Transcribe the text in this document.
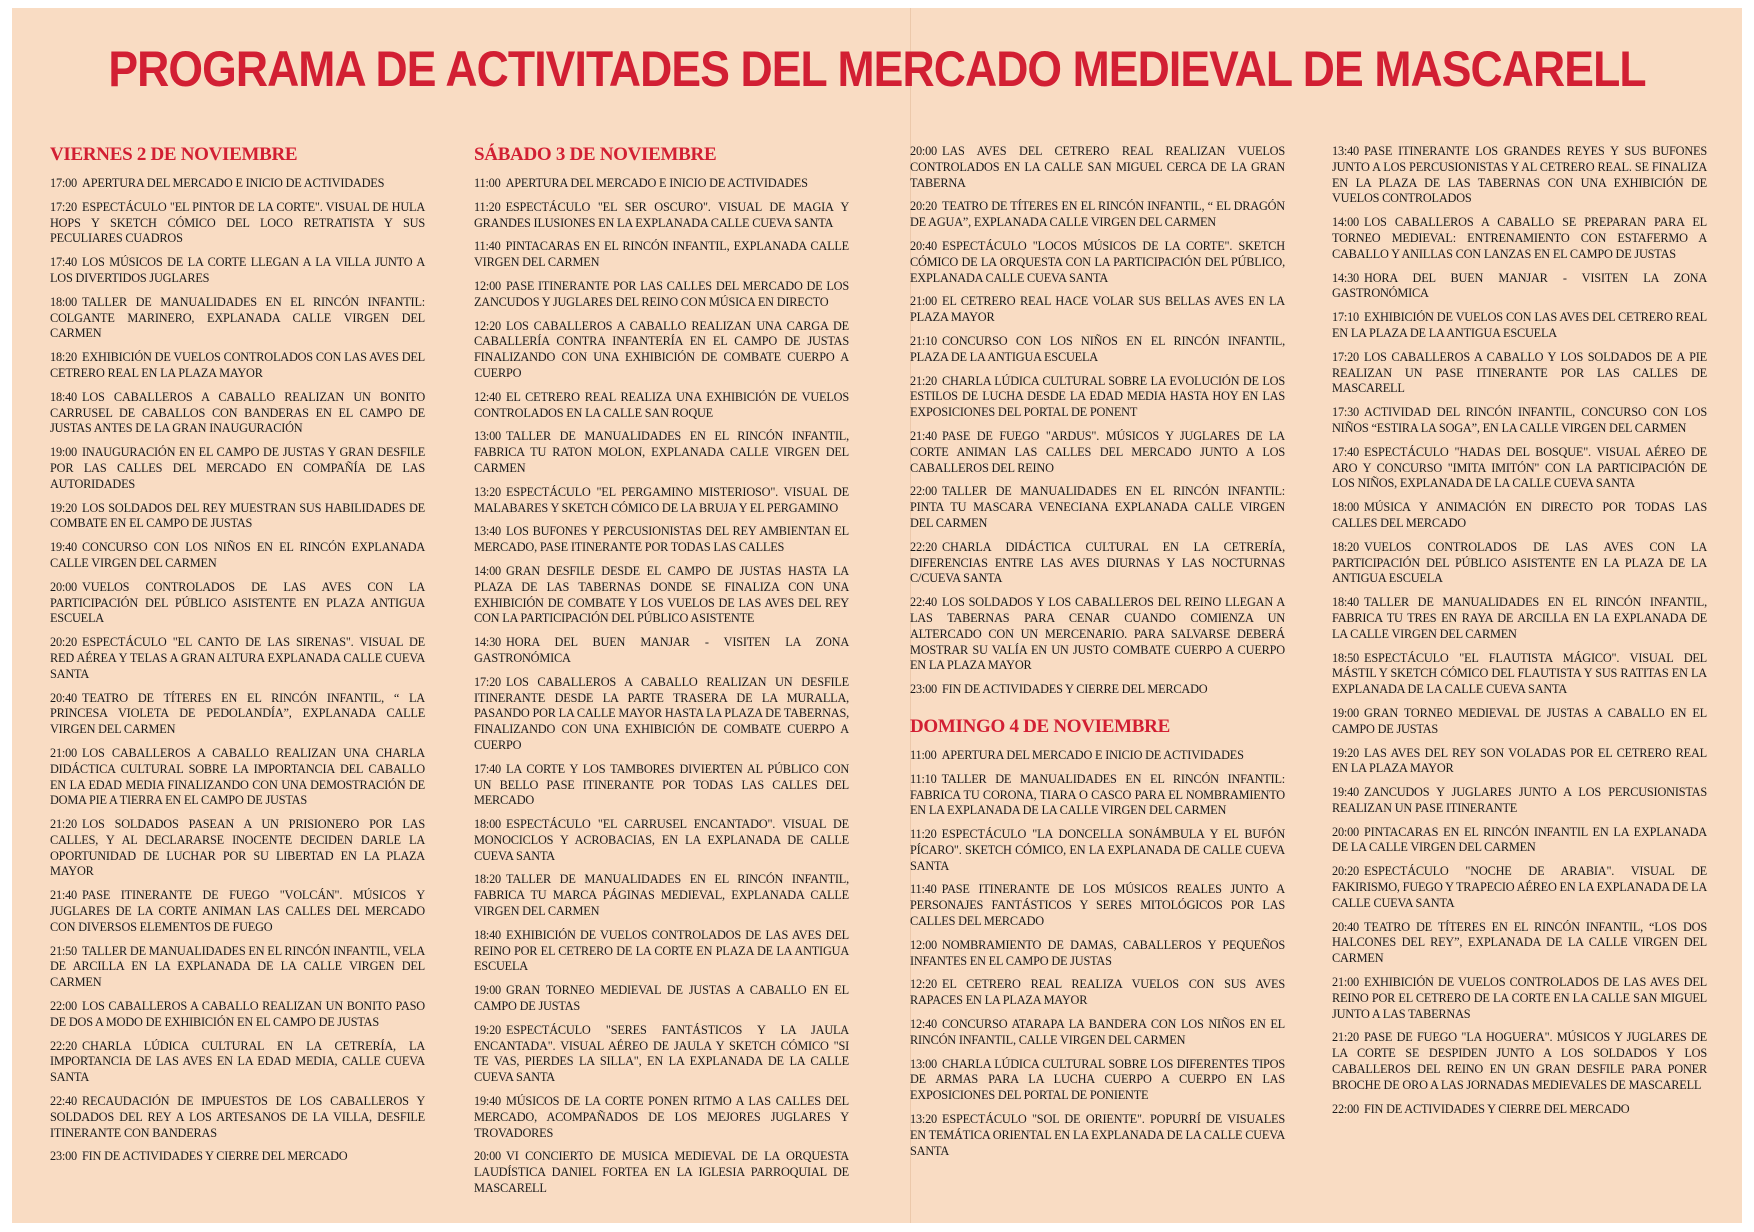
PROGRAMA DE ACTIVITADES DEL MERCADO MEDIEVAL DE MASCARELL
VIERNES 2 DE NOVIEMBRE
17:00 APERTURA DEL MERCADO E INICIO DE ACTIVIDADES
17:20 ESPECTÁCULO "EL PINTOR DE LA CORTE". VISUAL DE HULA HOPS Y SKETCH CÓMICO DEL LOCO RETRATISTA Y SUS PECULIARES CUADROS
17:40 LOS MÚSICOS DE LA CORTE LLEGAN A LA VILLA JUNTO A LOS DIVERTIDOS JUGLARES
18:00 TALLER DE MANUALIDADES EN EL RINCÓN INFANTIL: COLGANTE MARINERO, EXPLANADA CALLE VIRGEN DEL CARMEN
18:20 EXHIBICIÓN DE VUELOS CONTROLADOS CON LAS AVES DEL CETRERO REAL EN LA PLAZA MAYOR
18:40 LOS CABALLEROS A CABALLO REALIZAN UN BONITO CARRUSEL DE CABALLOS CON BANDERAS EN EL CAMPO DE JUSTAS ANTES DE LA GRAN INAUGURACIÓN
19:00 INAUGURACIÓN EN EL CAMPO DE JUSTAS Y GRAN DESFILE POR LAS CALLES DEL MERCADO EN COMPAÑÍA DE LAS AUTORIDADES
19:20 LOS SOLDADOS DEL REY MUESTRAN SUS HABILIDADES DE COMBATE EN EL CAMPO DE JUSTAS
19:40 CONCURSO CON LOS NIÑOS EN EL RINCÓN EXPLANADA CALLE VIRGEN DEL CARMEN
20:00 VUELOS CONTROLADOS DE LAS AVES CON LA PARTICIPACIÓN DEL PÚBLICO ASISTENTE EN PLAZA ANTIGUA ESCUELA
20:20 ESPECTÁCULO "EL CANTO DE LAS SIRENAS". VISUAL DE RED AÉREA Y TELAS A GRAN ALTURA EXPLANADA CALLE CUEVA SANTA
20:40 TEATRO DE TÍTERES EN EL RINCÓN INFANTIL, “ LA PRINCESA VIOLETA DE PEDOLANDÍA”, EXPLANADA CALLE VIRGEN DEL CARMEN
21:00 LOS CABALLEROS A CABALLO REALIZAN UNA CHARLA DIDÁCTICA CULTURAL SOBRE LA IMPORTANCIA DEL CABALLO EN LA EDAD MEDIA FINALIZANDO CON UNA DEMOSTRACIÓN DE DOMA PIE A TIERRA EN EL CAMPO DE JUSTAS
21:20 LOS SOLDADOS PASEAN A UN PRISIONERO POR LAS CALLES, Y AL DECLARARSE INOCENTE DECIDEN DARLE LA OPORTUNIDAD DE LUCHAR POR SU LIBERTAD EN LA PLAZA MAYOR
21:40 PASE ITINERANTE DE FUEGO "VOLCÁN". MÚSICOS Y JUGLARES DE LA CORTE ANIMAN LAS CALLES DEL MERCADO CON DIVERSOS ELEMENTOS DE FUEGO
21:50 TALLER DE MANUALIDADES EN EL RINCÓN INFANTIL, VELA DE ARCILLA EN LA EXPLANADA DE LA CALLE VIRGEN DEL CARMEN
22:00 LOS CABALLEROS A CABALLO REALIZAN UN BONITO PASO DE DOS A MODO DE EXHIBICIÓN EN EL CAMPO DE JUSTAS
22:20 CHARLA LÚDICA CULTURAL EN LA CETRERÍA, LA IMPORTANCIA DE LAS AVES EN LA EDAD MEDIA, CALLE CUEVA SANTA
22:40 RECAUDACIÓN DE IMPUESTOS DE LOS CABALLEROS Y SOLDADOS DEL REY A LOS ARTESANOS DE LA VILLA, DESFILE ITINERANTE CON BANDERAS
23:00 FIN DE ACTIVIDADES Y CIERRE DEL MERCADO
SÁBADO 3 DE NOVIEMBRE
11:00 APERTURA DEL MERCADO E INICIO DE ACTIVIDADES
11:20 ESPECTÁCULO "EL SER OSCURO". VISUAL DE MAGIA Y GRANDES ILUSIONES EN LA EXPLANADA CALLE CUEVA SANTA
11:40 PINTACARAS EN EL RINCÓN INFANTIL, EXPLANADA CALLE VIRGEN DEL CARMEN
12:00 PASE ITINERANTE POR LAS CALLES DEL MERCADO DE LOS ZANCUDOS Y JUGLARES DEL REINO CON MÚSICA EN DIRECTO
12:20 LOS CABALLEROS A CABALLO REALIZAN UNA CARGA DE CABALLERÍA CONTRA INFANTERÍA EN EL CAMPO DE JUSTAS FINALIZANDO CON UNA EXHIBICIÓN DE COMBATE CUERPO A CUERPO
12:40 EL CETRERO REAL REALIZA UNA EXHIBICIÓN DE VUELOS CONTROLADOS EN LA CALLE SAN ROQUE
13:00 TALLER DE MANUALIDADES EN EL RINCÓN INFANTIL, FABRICA TU RATON MOLON, EXPLANADA CALLE VIRGEN DEL CARMEN
13:20 ESPECTÁCULO "EL PERGAMINO MISTERIOSO". VISUAL DE MALABARES Y SKETCH CÓMICO DE LA BRUJA Y EL PERGAMINO
13:40 LOS BUFONES Y PERCUSIONISTAS DEL REY AMBIENTAN EL MERCADO, PASE ITINERANTE POR TODAS LAS CALLES
14:00 GRAN DESFILE DESDE EL CAMPO DE JUSTAS HASTA LA PLAZA DE LAS TABERNAS DONDE SE FINALIZA CON UNA EXHIBICIÓN DE COMBATE Y LOS VUELOS DE LAS AVES DEL REY CON LA PARTICIPACIÓN DEL PÚBLICO ASISTENTE
14:30 HORA DEL BUEN MANJAR - VISITEN LA ZONA GASTRONÓMICA
17:20 LOS CABALLEROS A CABALLO REALIZAN UN DESFILE ITINERANTE DESDE LA PARTE TRASERA DE LA MURALLA, PASANDO POR LA CALLE MAYOR HASTA LA PLAZA DE TABERNAS, FINALIZANDO CON UNA EXHIBICIÓN DE COMBATE CUERPO A CUERPO
17:40 LA CORTE Y LOS TAMBORES DIVIERTEN AL PÚBLICO CON UN BELLO PASE ITINERANTE POR TODAS LAS CALLES DEL MERCADO
18:00 ESPECTÁCULO "EL CARRUSEL ENCANTADO". VISUAL DE MONOCICLOS Y ACROBACIAS, EN LA EXPLANADA DE CALLE CUEVA SANTA
18:20 TALLER DE MANUALIDADES EN EL RINCÓN INFANTIL, FABRICA TU MARCA PÁGINAS MEDIEVAL, EXPLANADA CALLE VIRGEN DEL CARMEN
18:40 EXHIBICIÓN DE VUELOS CONTROLADOS DE LAS AVES DEL REINO POR EL CETRERO DE LA CORTE EN PLAZA DE LA ANTIGUA ESCUELA
19:00 GRAN TORNEO MEDIEVAL DE JUSTAS A CABALLO EN EL CAMPO DE JUSTAS
19:20 ESPECTÁCULO "SERES FANTÁSTICOS Y LA JAULA ENCANTADA". VISUAL AÉREO DE JAULA Y SKETCH CÓMICO "SI TE VAS, PIERDES LA SILLA", EN LA EXPLANADA DE LA CALLE CUEVA SANTA
19:40 MÚSICOS DE LA CORTE PONEN RITMO A LAS CALLES DEL MERCADO, ACOMPAÑADOS DE LOS MEJORES JUGLARES Y TROVADORES
20:00 VI CONCIERTO DE MUSICA MEDIEVAL DE LA ORQUESTA LAUDÍSTICA DANIEL FORTEA EN LA IGLESIA PARROQUIAL DE MASCARELL
20:00 LAS AVES DEL CETRERO REAL REALIZAN VUELOS CONTROLADOS EN LA CALLE SAN MIGUEL CERCA DE LA GRAN TABERNA
20:20 TEATRO DE TÍTERES EN EL RINCÓN INFANTIL, “ EL DRAGÓN DE AGUA”, EXPLANADA CALLE VIRGEN DEL CARMEN
20:40 ESPECTÁCULO "LOCOS MÚSICOS DE LA CORTE". SKETCH CÓMICO DE LA ORQUESTA CON LA PARTICIPACIÓN DEL PÚBLICO, EXPLANADA CALLE CUEVA SANTA
21:00 EL CETRERO REAL HACE VOLAR SUS BELLAS AVES EN LA PLAZA MAYOR
21:10 CONCURSO CON LOS NIÑOS EN EL RINCÓN INFANTIL, PLAZA DE LA ANTIGUA ESCUELA
21:20 CHARLA LÚDICA CULTURAL SOBRE LA EVOLUCIÓN DE LOS ESTILOS DE LUCHA DESDE LA EDAD MEDIA HASTA HOY EN LAS EXPOSICIONES DEL PORTAL DE PONENT
21:40 PASE DE FUEGO "ARDUS". MÚSICOS Y JUGLARES DE LA CORTE ANIMAN LAS CALLES DEL MERCADO JUNTO A LOS CABALLEROS DEL REINO
22:00 TALLER DE MANUALIDADES EN EL RINCÓN INFANTIL: PINTA TU MASCARA VENECIANA EXPLANADA CALLE VIRGEN DEL CARMEN
22:20 CHARLA DIDÁCTICA CULTURAL EN LA CETRERÍA, DIFERENCIAS ENTRE LAS AVES DIURNAS Y LAS NOCTURNAS C/CUEVA SANTA
22:40 LOS SOLDADOS Y LOS CABALLEROS DEL REINO LLEGAN A LAS TABERNAS PARA CENAR CUANDO COMIENZA UN ALTERCADO CON UN MERCENARIO. PARA SALVARSE DEBERÁ MOSTRAR SU VALÍA EN UN JUSTO COMBATE CUERPO A CUERPO EN LA PLAZA MAYOR
23:00 FIN DE ACTIVIDADES Y CIERRE DEL MERCADO
DOMINGO 4 DE NOVIEMBRE
11:00 APERTURA DEL MERCADO E INICIO DE ACTIVIDADES
11:10 TALLER DE MANUALIDADES EN EL RINCÓN INFANTIL: FABRICA TU CORONA, TIARA O CASCO PARA EL NOMBRAMIENTO EN LA EXPLANADA DE LA CALLE VIRGEN DEL CARMEN
11:20 ESPECTÁCULO "LA DONCELLA SONÁMBULA Y EL BUFÓN PÍCARO". SKETCH CÓMICO, EN LA EXPLANADA DE CALLE CUEVA SANTA
11:40 PASE ITINERANTE DE LOS MÚSICOS REALES JUNTO A PERSONAJES FANTÁSTICOS Y SERES MITOLÓGICOS POR LAS CALLES DEL MERCADO
12:00 NOMBRAMIENTO DE DAMAS, CABALLEROS Y PEQUEÑOS INFANTES EN EL CAMPO DE JUSTAS
12:20 EL CETRERO REAL REALIZA VUELOS CON SUS AVES RAPACES EN LA PLAZA MAYOR
12:40 CONCURSO ATARAPA LA BANDERA CON LOS NIÑOS EN EL RINCÓN INFANTIL, CALLE VIRGEN DEL CARMEN
13:00 CHARLA LÚDICA CULTURAL SOBRE LOS DIFERENTES TIPOS DE ARMAS PARA LA LUCHA CUERPO A CUERPO EN LAS EXPOSICIONES DEL PORTAL DE PONIENTE
13:20 ESPECTÁCULO "SOL DE ORIENTE". POPURRÍ DE VISUALES EN TEMÁTICA ORIENTAL EN LA EXPLANADA DE LA CALLE CUEVA SANTA
13:40 PASE ITINERANTE LOS GRANDES REYES Y SUS BUFONES JUNTO A LOS PERCUSIONISTAS Y AL CETRERO REAL. SE FINALIZA EN LA PLAZA DE LAS TABERNAS CON UNA EXHIBICIÓN DE VUELOS CONTROLADOS
14:00 LOS CABALLEROS A CABALLO SE PREPARAN PARA EL TORNEO MEDIEVAL: ENTRENAMIENTO CON ESTAFERMO A CABALLO Y ANILLAS CON LANZAS EN EL CAMPO DE JUSTAS
14:30 HORA DEL BUEN MANJAR - VISITEN LA ZONA GASTRONÓMICA
17:10 EXHIBICIÓN DE VUELOS CON LAS AVES DEL CETRERO REAL EN LA PLAZA DE LA ANTIGUA ESCUELA
17:20 LOS CABALLEROS A CABALLO Y LOS SOLDADOS DE A PIE REALIZAN UN PASE ITINERANTE POR LAS CALLES DE MASCARELL
17:30 ACTIVIDAD DEL RINCÓN INFANTIL, CONCURSO CON LOS NIÑOS “ESTIRA LA SOGA”, EN LA CALLE VIRGEN DEL CARMEN
17:40 ESPECTÁCULO "HADAS DEL BOSQUE". VISUAL AÉREO DE ARO Y CONCURSO "IMITA IMITÓN" CON LA PARTICIPACIÓN DE LOS NIÑOS, EXPLANADA DE LA CALLE CUEVA SANTA
18:00 MÚSICA Y ANIMACIÓN EN DIRECTO POR TODAS LAS CALLES DEL MERCADO
18:20 VUELOS CONTROLADOS DE LAS AVES CON LA PARTICIPACIÓN DEL PÚBLICO ASISTENTE EN LA PLAZA DE LA ANTIGUA ESCUELA
18:40 TALLER DE MANUALIDADES EN EL RINCÓN INFANTIL, FABRICA TU TRES EN RAYA DE ARCILLA EN LA EXPLANADA DE LA CALLE VIRGEN DEL CARMEN
18:50 ESPECTÁCULO "EL FLAUTISTA MÁGICO". VISUAL DEL MÁSTIL Y SKETCH CÓMICO DEL FLAUTISTA Y SUS RATITAS EN LA EXPLANADA DE LA CALLE CUEVA SANTA
19:00 GRAN TORNEO MEDIEVAL DE JUSTAS A CABALLO EN EL CAMPO DE JUSTAS
19:20 LAS AVES DEL REY SON VOLADAS POR EL CETRERO REAL EN LA PLAZA MAYOR
19:40 ZANCUDOS Y JUGLARES JUNTO A LOS PERCUSIONISTAS REALIZAN UN PASE ITINERANTE
20:00 PINTACARAS EN EL RINCÓN INFANTIL EN LA EXPLANADA DE LA CALLE VIRGEN DEL CARMEN
20:20 ESPECTÁCULO "NOCHE DE ARABIA". VISUAL DE FAKIRISMO, FUEGO Y TRAPECIO AÉREO EN LA EXPLANADA DE LA CALLE CUEVA SANTA
20:40 TEATRO DE TÍTERES EN EL RINCÓN INFANTIL, “LOS DOS HALCONES DEL REY”, EXPLANADA DE LA CALLE VIRGEN DEL CARMEN
21:00 EXHIBICIÓN DE VUELOS CONTROLADOS DE LAS AVES DEL REINO POR EL CETRERO DE LA CORTE EN LA CALLE SAN MIGUEL JUNTO A LAS TABERNAS
21:20 PASE DE FUEGO "LA HOGUERA". MÚSICOS Y JUGLARES DE LA CORTE SE DESPIDEN JUNTO A LOS SOLDADOS Y LOS CABALLEROS DEL REINO EN UN GRAN DESFILE PARA PONER BROCHE DE ORO A LAS JORNADAS MEDIEVALES DE MASCARELL
22:00 FIN DE ACTIVIDADES Y CIERRE DEL MERCADO
